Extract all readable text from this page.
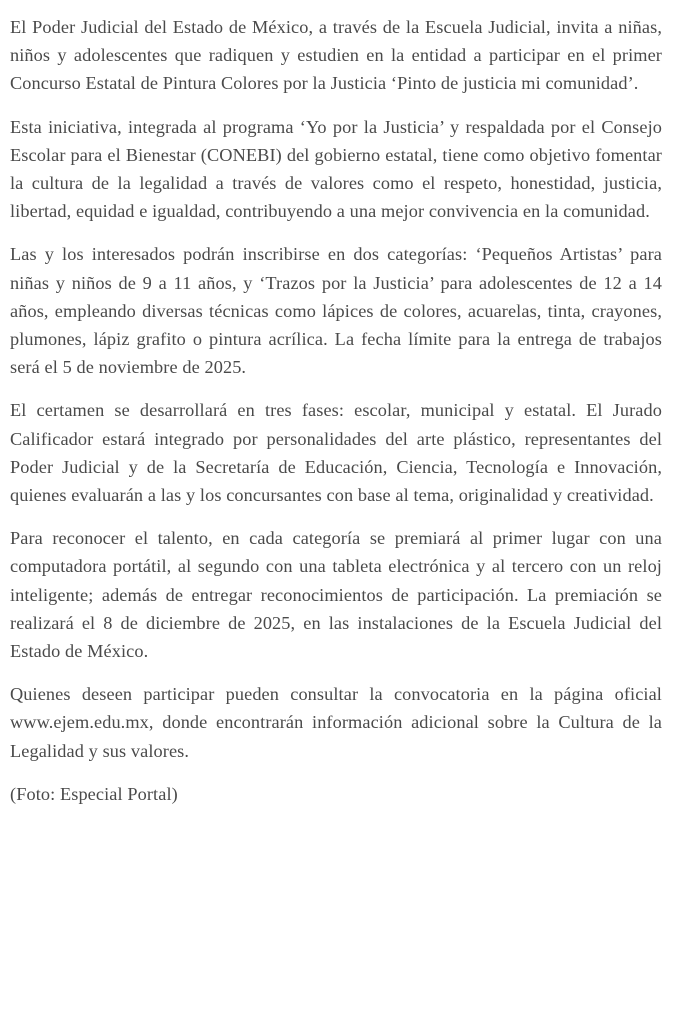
El Poder Judicial del Estado de México, a través de la Escuela Judicial, invita a niñas, niños y adolescentes que radiquen y estudien en la entidad a participar en el primer Concurso Estatal de Pintura Colores por la Justicia ‘Pinto de justicia mi comunidad’.

Esta iniciativa, integrada al programa ‘Yo por la Justicia’ y respaldada por el Consejo Escolar para el Bienestar (CONEBI) del gobierno estatal, tiene como objetivo fomentar la cultura de la legalidad a través de valores como el respeto, honestidad, justicia, libertad, equidad e igualdad, contribuyendo a una mejor convivencia en la comunidad.

Las y los interesados podrán inscribirse en dos categorías: ‘Pequeños Artistas’ para niñas y niños de 9 a 11 años, y ‘Trazos por la Justicia’ para adolescentes de 12 a 14 años, empleando diversas técnicas como lápices de colores, acuarelas, tinta, crayones, plumones, lápiz grafito o pintura acrílica. La fecha límite para la entrega de trabajos será el 5 de noviembre de 2025.

El certamen se desarrollará en tres fases: escolar, municipal y estatal. El Jurado Calificador estará integrado por personalidades del arte plástico, representantes del Poder Judicial y de la Secretaría de Educación, Ciencia, Tecnología e Innovación, quienes evaluarán a las y los concursantes con base al tema, originalidad y creatividad.

Para reconocer el talento, en cada categoría se premiará al primer lugar con una computadora portátil, al segundo con una tableta electrónica y al tercero con un reloj inteligente; además de entregar reconocimientos de participación. La premiación se realizará el 8 de diciembre de 2025, en las instalaciones de la Escuela Judicial del Estado de México.

Quienes deseen participar pueden consultar la convocatoria en la página oficial www.ejem.edu.mx, donde encontrarán información adicional sobre la Cultura de la Legalidad y sus valores.

(Foto: Especial Portal)
